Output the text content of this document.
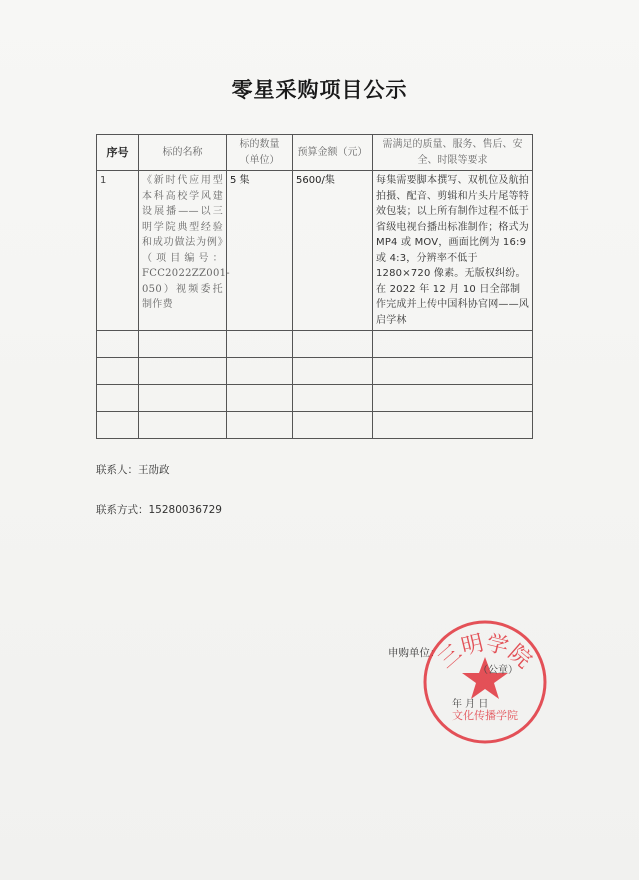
零星采购项目公示
序号	标的名称	标的数量（单位）	预算金额（元）	需满足的质量、服务、售后、安全、时限等要求
1	《新时代应用型本科高校学风建设展播——以三明学院典型经验和成功做法为例》（项目编号：FCC2022ZZ001-050）视频委托制作费	5 集	5600/集	每集需要脚本撰写、双机位及航拍拍摄、配音、剪辑和片头片尾等特效包装；以上所有制作过程不低于省级电视台播出标准制作；格式为 MP4 或 MOV，画面比例为 16:9 或 4:3，分辨率不低于 1280×720 像素。无版权纠纷。在 2022 年 12 月 10 日全部制作完成并上传中国科协官网——风启学林

联系人：王劭政
联系方式：15280036729
申购单位：
三明学院
文化传播学院
（公章）
年 月 日
